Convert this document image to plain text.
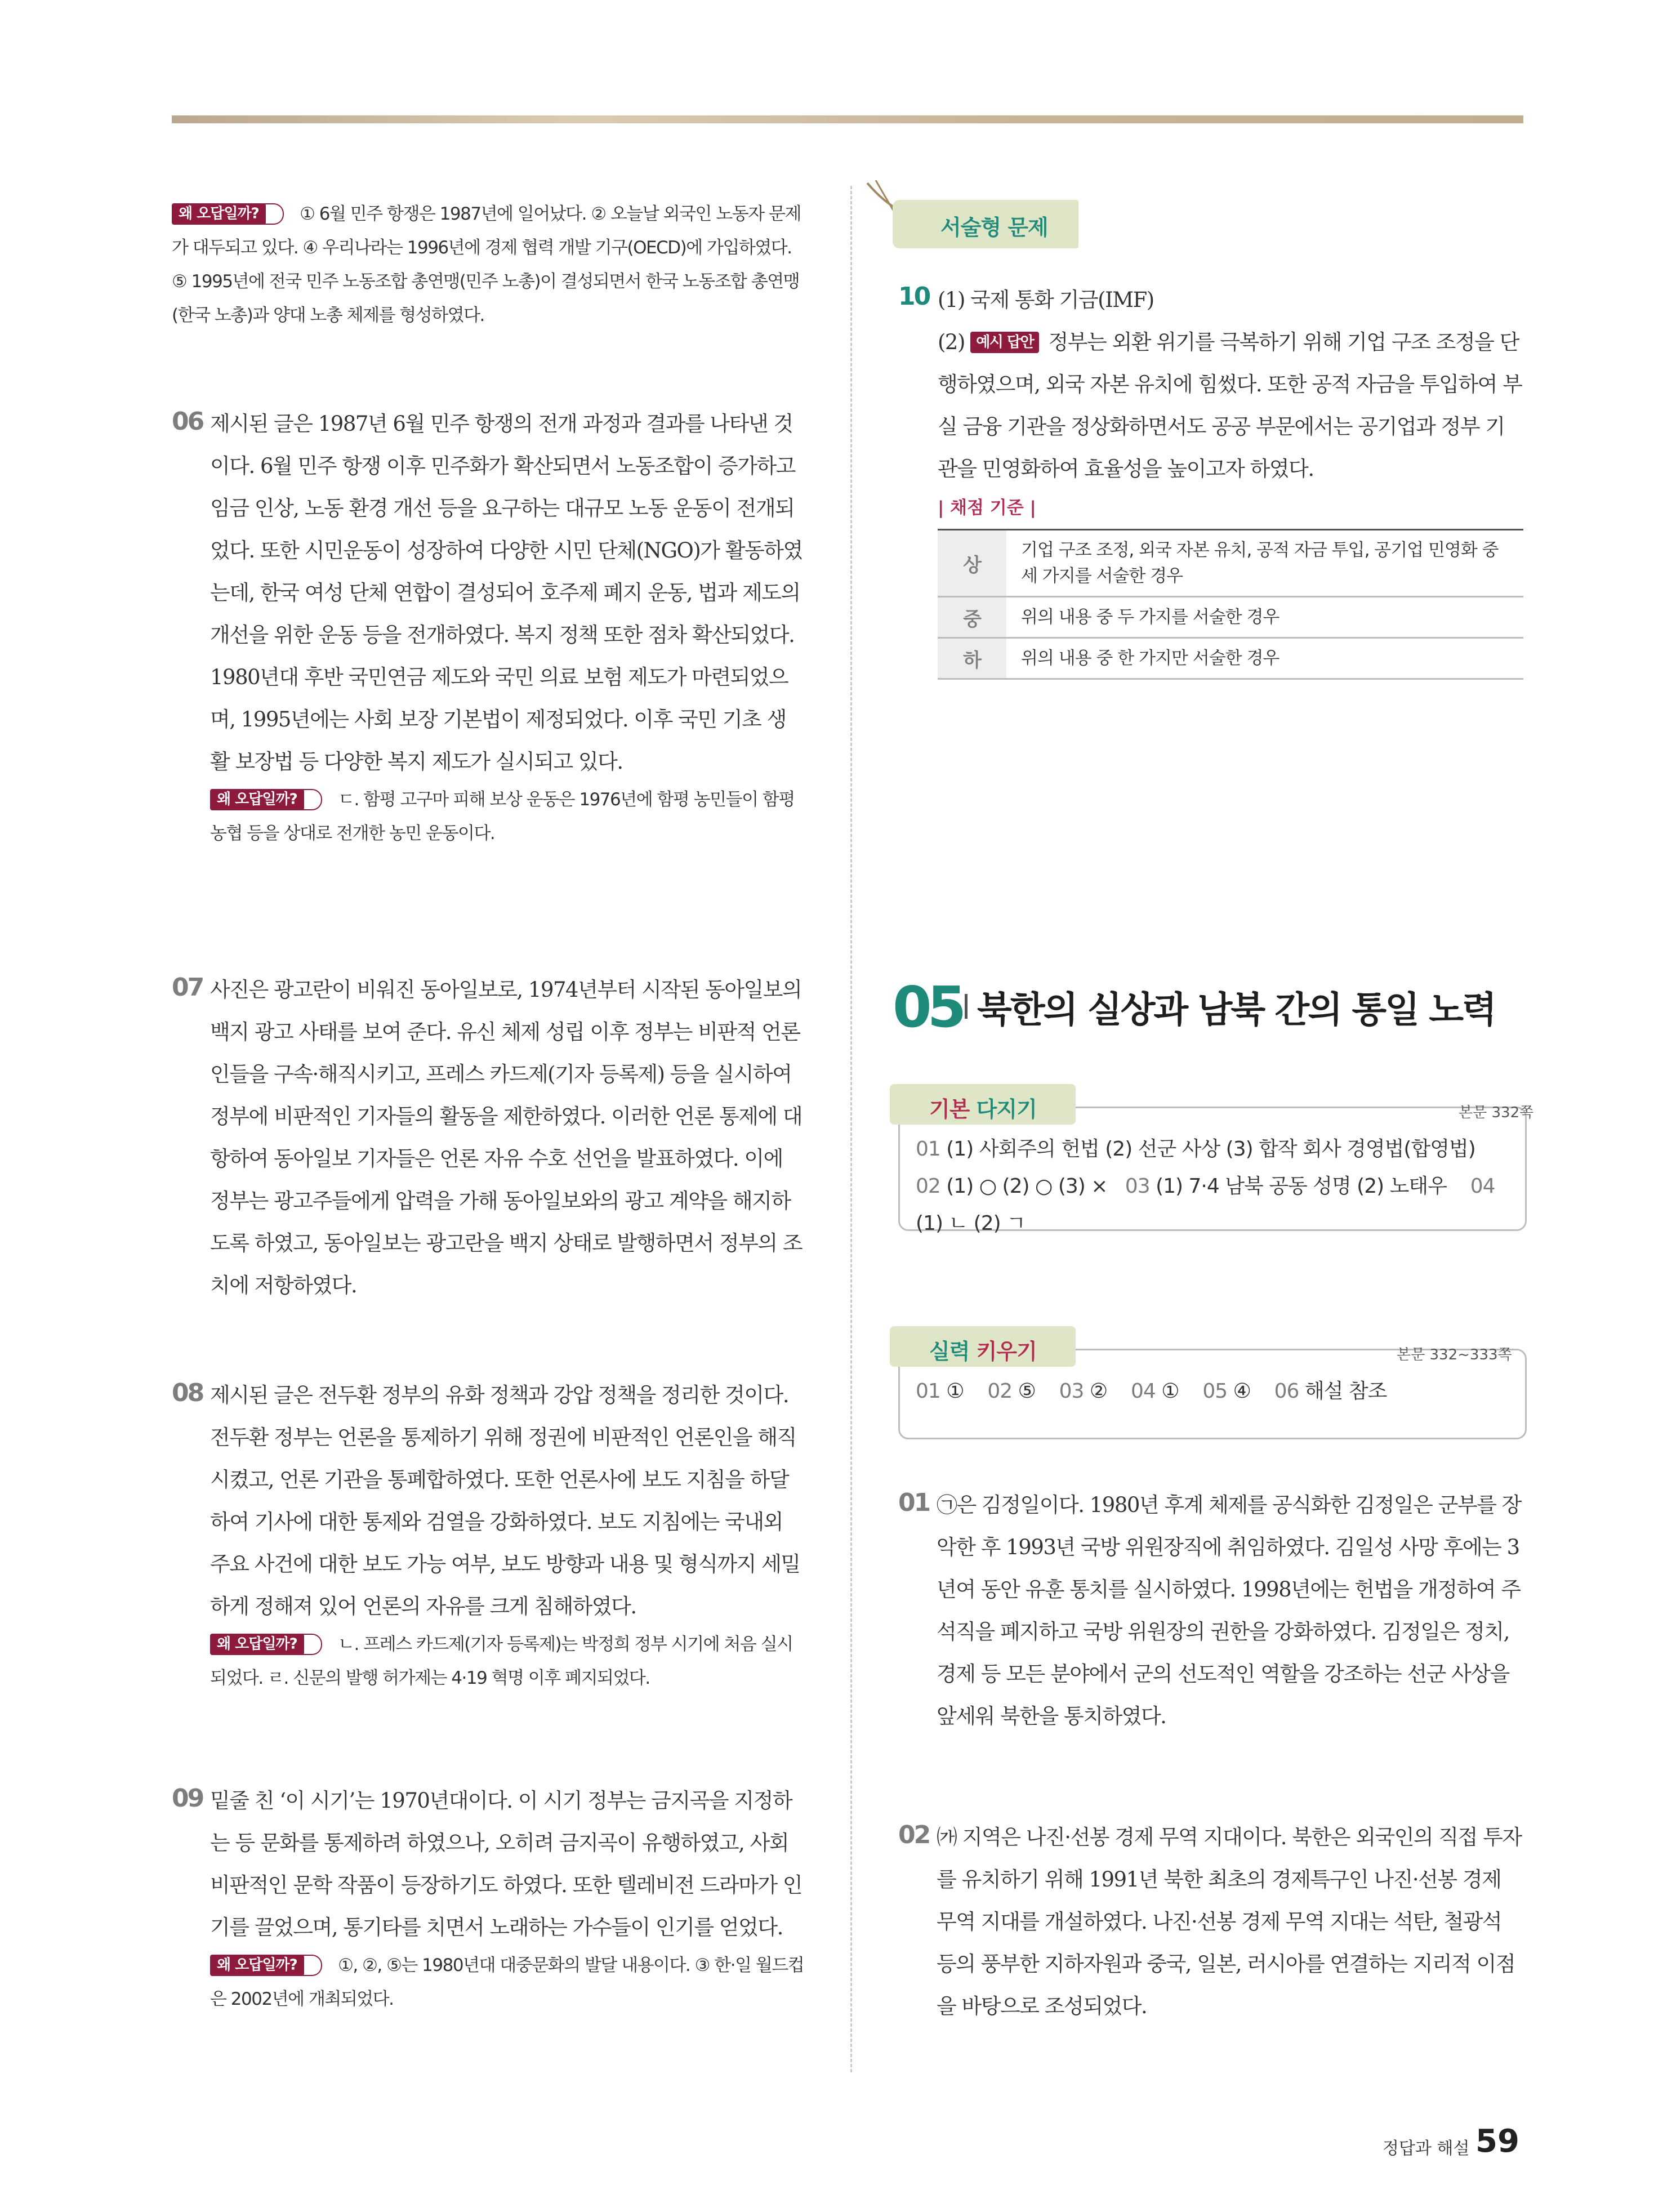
왜 오답일까? ① 6월 민주 항쟁은 1987년에 일어났다. ② 오늘날 외국인 노동자 문제가 대두되고 있다. ④ 우리나라는 1996년에 경제 협력 개발 기구(OECD)에 가입하였다. ⑤ 1995년에 전국 민주 노동조합 총연맹(민주 노총)이 결성되면서 한국 노동조합 총연맹(한국 노총)과 양대 노총 체제를 형성하였다.
06 제시된 글은 1987년 6월 민주 항쟁의 전개 과정과 결과를 나타낸 것이다. 6월 민주 항쟁 이후 민주화가 확산되면서 노동조합이 증가하고 임금 인상, 노동 환경 개선 등을 요구하는 대규모 노동 운동이 전개되었다. 또한 시민운동이 성장하여 다양한 시민 단체(NGO)가 활동하였는데, 한국 여성 단체 연합이 결성되어 호주제 폐지 운동, 법과 제도의 개선을 위한 운동 등을 전개하였다. 복지 정책 또한 점차 확산되었다. 1980년대 후반 국민연금 제도와 국민 의료 보험 제도가 마련되었으며, 1995년에는 사회 보장 기본법이 제정되었다. 이후 국민 기초 생활 보장법 등 다양한 복지 제도가 실시되고 있다.
왜 오답일까? ㄷ. 함평 고구마 피해 보상 운동은 1976년에 함평 농민들이 함평 농협 등을 상대로 전개한 농민 운동이다.
07 사진은 광고란이 비워진 동아일보로, 1974년부터 시작된 동아일보의 백지 광고 사태를 보여 준다. 유신 체제 성립 이후 정부는 비판적 언론인들을 구속·해직시키고, 프레스 카드제(기자 등록제) 등을 실시하여 정부에 비판적인 기자들의 활동을 제한하였다. 이러한 언론 통제에 대항하여 동아일보 기자들은 언론 자유 수호 선언을 발표하였다. 이에 정부는 광고주들에게 압력을 가해 동아일보와의 광고 계약을 해지하도록 하였고, 동아일보는 광고란을 백지 상태로 발행하면서 정부의 조치에 저항하였다.
08 제시된 글은 전두환 정부의 유화 정책과 강압 정책을 정리한 것이다. 전두환 정부는 언론을 통제하기 위해 정권에 비판적인 언론인을 해직시켰고, 언론 기관을 통폐합하였다. 또한 언론사에 보도 지침을 하달하여 기사에 대한 통제와 검열을 강화하였다. 보도 지침에는 국내외 주요 사건에 대한 보도 가능 여부, 보도 방향과 내용 및 형식까지 세밀하게 정해져 있어 언론의 자유를 크게 침해하였다.
왜 오답일까? ㄴ. 프레스 카드제(기자 등록제)는 박정희 정부 시기에 처음 실시되었다. ㄹ. 신문의 발행 허가제는 4·19 혁명 이후 폐지되었다.
09 밑줄 친 ‘이 시기’는 1970년대이다. 이 시기 정부는 금지곡을 지정하는 등 문화를 통제하려 하였으나, 오히려 금지곡이 유행하였고, 사회 비판적인 문학 작품이 등장하기도 하였다. 또한 텔레비전 드라마가 인기를 끌었으며, 통기타를 치면서 노래하는 가수들이 인기를 얻었다.
왜 오답일까? ①, ②, ⑤는 1980년대 대중문화의 발달 내용이다. ③ 한·일 월드컵은 2002년에 개최되었다.
서술형 문제
10 (1) 국제 통화 기금(IMF)
(2) 예시 답안 정부는 외환 위기를 극복하기 위해 기업 구조 조정을 단행하였으며, 외국 자본 유치에 힘썼다. 또한 공적 자금을 투입하여 부실 금융 기관을 정상화하면서도 공공 부문에서는 공기업과 정부 기관을 민영화하여 효율성을 높이고자 하였다.
| 채점 기준 |
상	기업 구조 조정, 외국 자본 유치, 공적 자금 투입, 공기업 민영화 중 세 가지를 서술한 경우
중	위의 내용 중 두 가지를 서술한 경우
하	위의 내용 중 한 가지만 서술한 경우
05 북한의 실상과 남북 간의 통일 노력
01 (1) 사회주의 헌법 (2) 선군 사상 (3) 합작 회사 경영법(합영법)
02 (1) ○ (2) ○ (3) × 03 (1) 7·4 남북 공동 성명 (2) 노태우 04
(1) ㄴ (2) ㄱ
기본 다지기	본문 332쪽
01 ① 02 ⑤ 03 ② 04 ① 05 ④ 06 해설 참조
실력 키우기	본문 332~333쪽
01 ㉠은 김정일이다. 1980년 후계 체제를 공식화한 김정일은 군부를 장악한 후 1993년 국방 위원장직에 취임하였다. 김일성 사망 후에는 3년여 동안 유훈 통치를 실시하였다. 1998년에는 헌법을 개정하여 주석직을 폐지하고 국방 위원장의 권한을 강화하였다. 김정일은 정치, 경제 등 모든 분야에서 군의 선도적인 역할을 강조하는 선군 사상을 앞세워 북한을 통치하였다.
02 ㈎ 지역은 나진·선봉 경제 무역 지대이다. 북한은 외국인의 직접 투자를 유치하기 위해 1991년 북한 최초의 경제특구인 나진·선봉 경제 무역 지대를 개설하였다. 나진·선봉 경제 무역 지대는 석탄, 철광석 등의 풍부한 지하자원과 중국, 일본, 러시아를 연결하는 지리적 이점을 바탕으로 조성되었다.
정답과 해설 59
